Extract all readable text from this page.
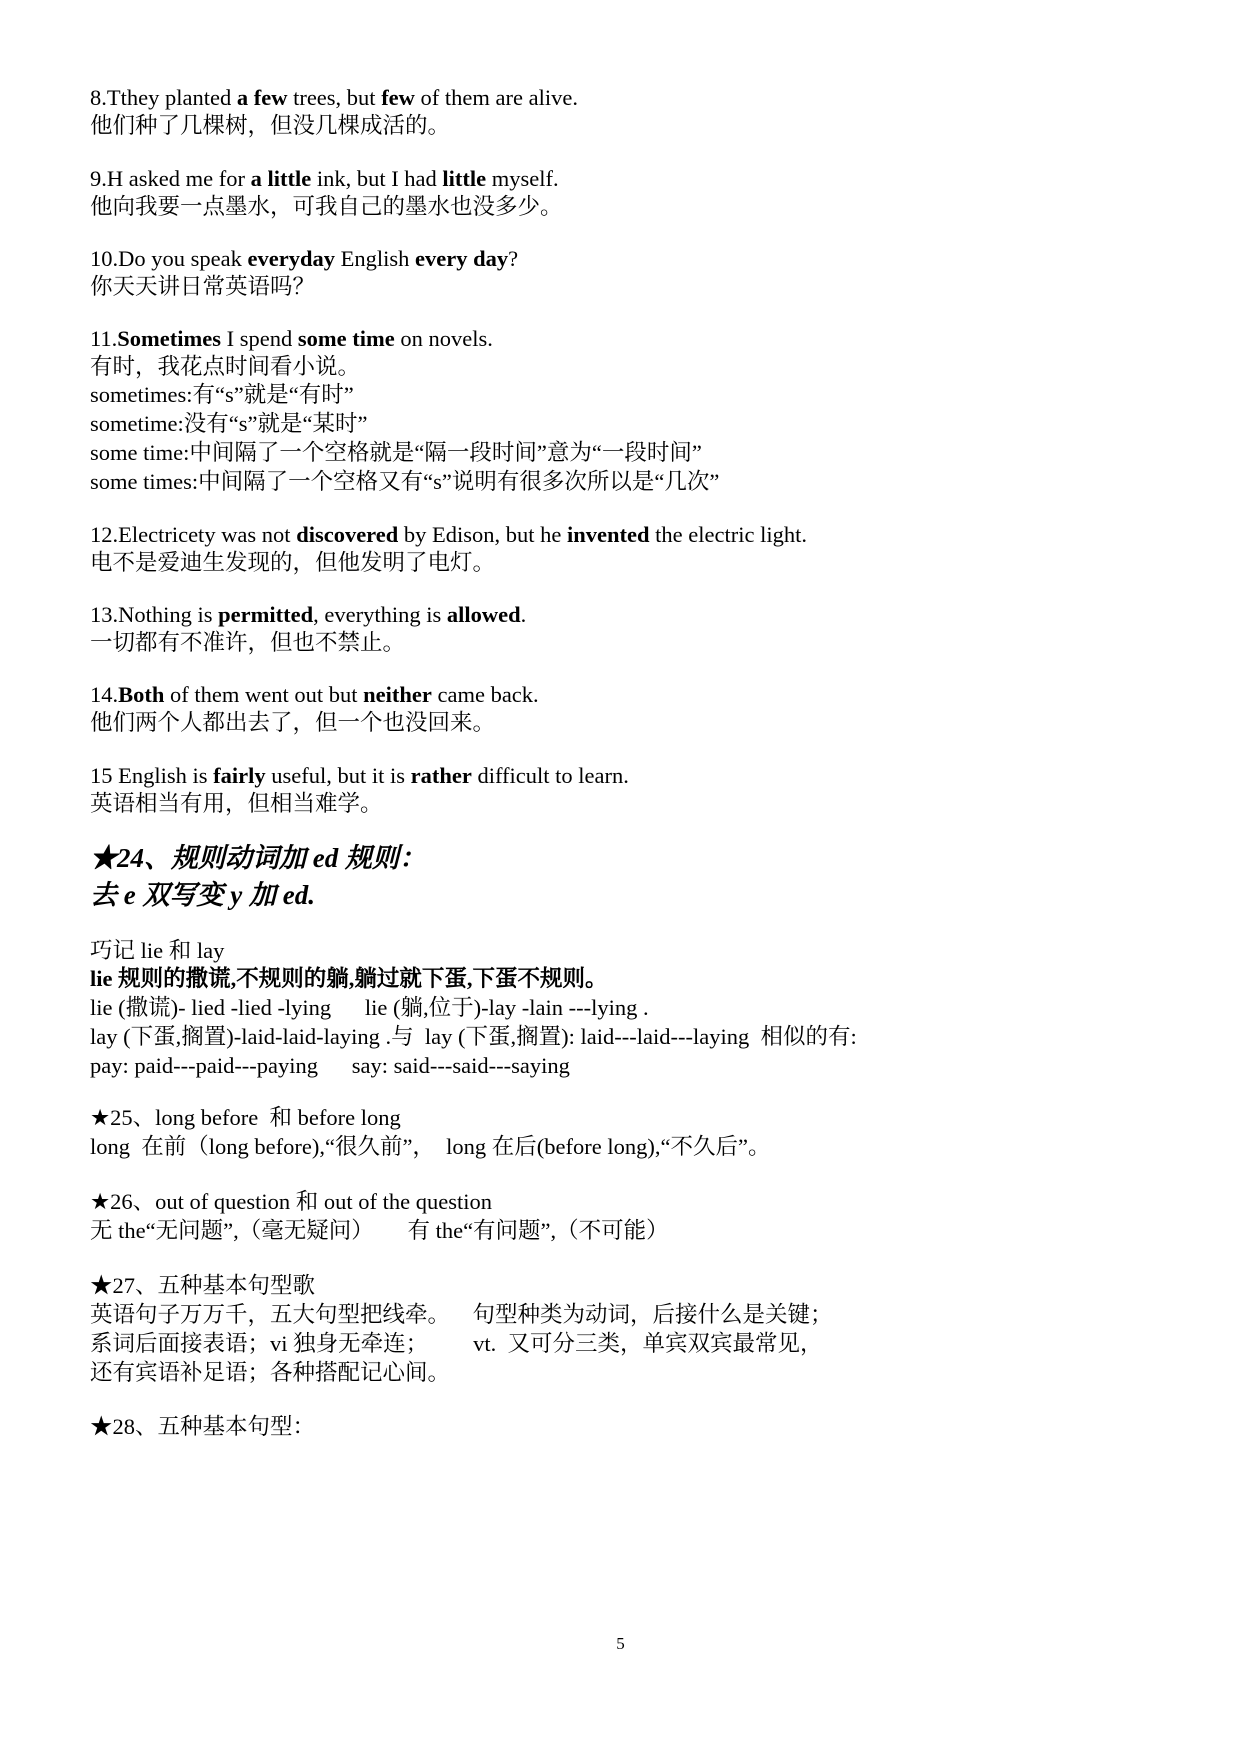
8.Tthey planted a few trees, but few of them are alive.
他们种了几棵树，但没几棵成活的。
9.H asked me for a little ink, but I had little myself.
他向我要一点墨水，可我自己的墨水也没多少。
10.Do you speak everyday English every day?
你天天讲日常英语吗？
11.Sometimes I spend some time on novels.
有时，我花点时间看小说。
sometimes:有“s”就是“有时”
sometime:没有“s”就是“某时”
some time:中间隔了一个空格就是“隔一段时间”意为“一段时间”
some times:中间隔了一个空格又有“s”说明有很多次所以是“几次”
12.Electricety was not discovered by Edison, but he invented the electric light.
电不是爱迪生发现的，但他发明了电灯。
13.Nothing is permitted, everything is allowed.
一切都有不准许，但也不禁止。
14.Both of them went out but neither came back.
他们两个人都出去了，但一个也没回来。
15 English is fairly useful, but it is rather difficult to learn.
英语相当有用，但相当难学。
★24、规则动词加 ed 规则：
去 e 双写变 y 加 ed.
巧记 lie 和 lay
lie 规则的撒谎,不规则的躺,躺过就下蛋,下蛋不规则。
lie (撒谎)- lied -lied -lying      lie (躺,位于)-lay -lain ---lying .
lay (下蛋,搁置)-laid-laid-laying .与  lay (下蛋,搁置): laid---laid---laying  相似的有:
pay: paid---paid---paying      say: said---said---saying
★25、long before  和 before long
long  在前（long before),“很久前”，  long 在后(before long),“不久后”。
★26、out of question 和 out of the question
无 the“无问题”,（毫无疑问）      有 the“有问题”,（不可能）
★27、五种基本句型歌
英语句子万万千，五大句型把线牵。    句型种类为动词，后接什么是关键；
系词后面接表语；vi 独身无牵连；        vt.  又可分三类，单宾双宾最常见，
还有宾语补足语；各种搭配记心间。
★28、五种基本句型：
5
